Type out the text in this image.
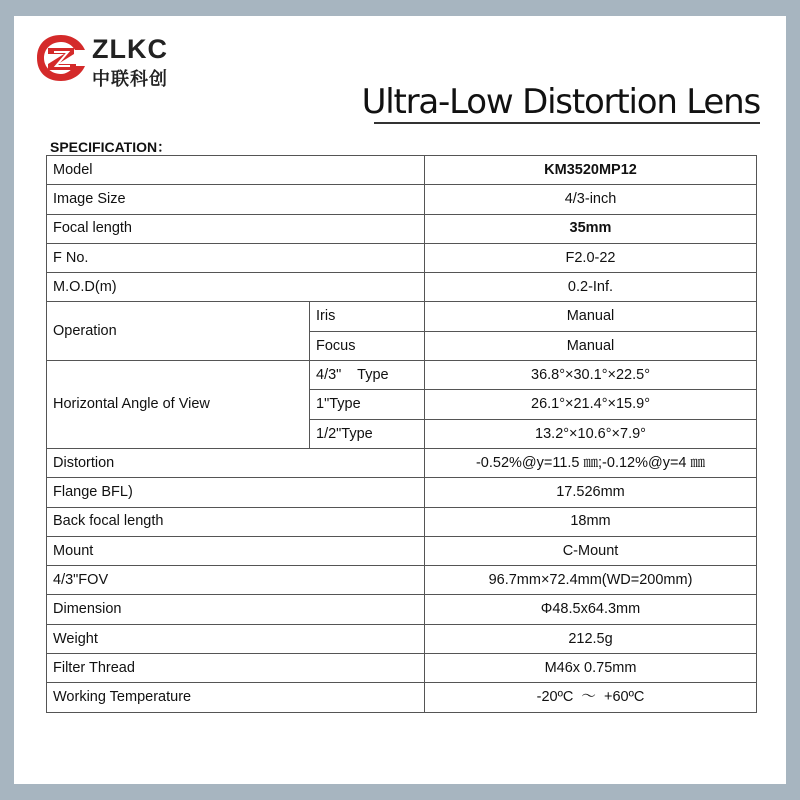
ZLKC
中联科创
Ultra-Low Distortion Lens
SPECIFICATION：
Model		KM3520MP12
Image Size		4/3-inch
Focal length		35mm
F No.		F2.0-22
M.O.D(m)		0.2-Inf.
Operation	Iris	Manual
	Focus	Manual
Horizontal Angle of View	4/3"    Type	36.8°×30.1°×22.5°
	1"Type	26.1°×21.4°×15.9°
	1/2"Type	13.2°×10.6°×7.9°
Distortion		-0.52%@y=11.5 ㎜;-0.12%@y=4 ㎜
Flange BFL)		17.526mm
Back focal length		18mm
Mount		C-Mount
4/3"FOV		96.7mm×72.4mm(WD=200mm)
Dimension		Φ48.5x64.3mm
Weight		212.5g
Filter Thread		M46x 0.75mm
Working Temperature		-20ºC  ～  +60ºC
